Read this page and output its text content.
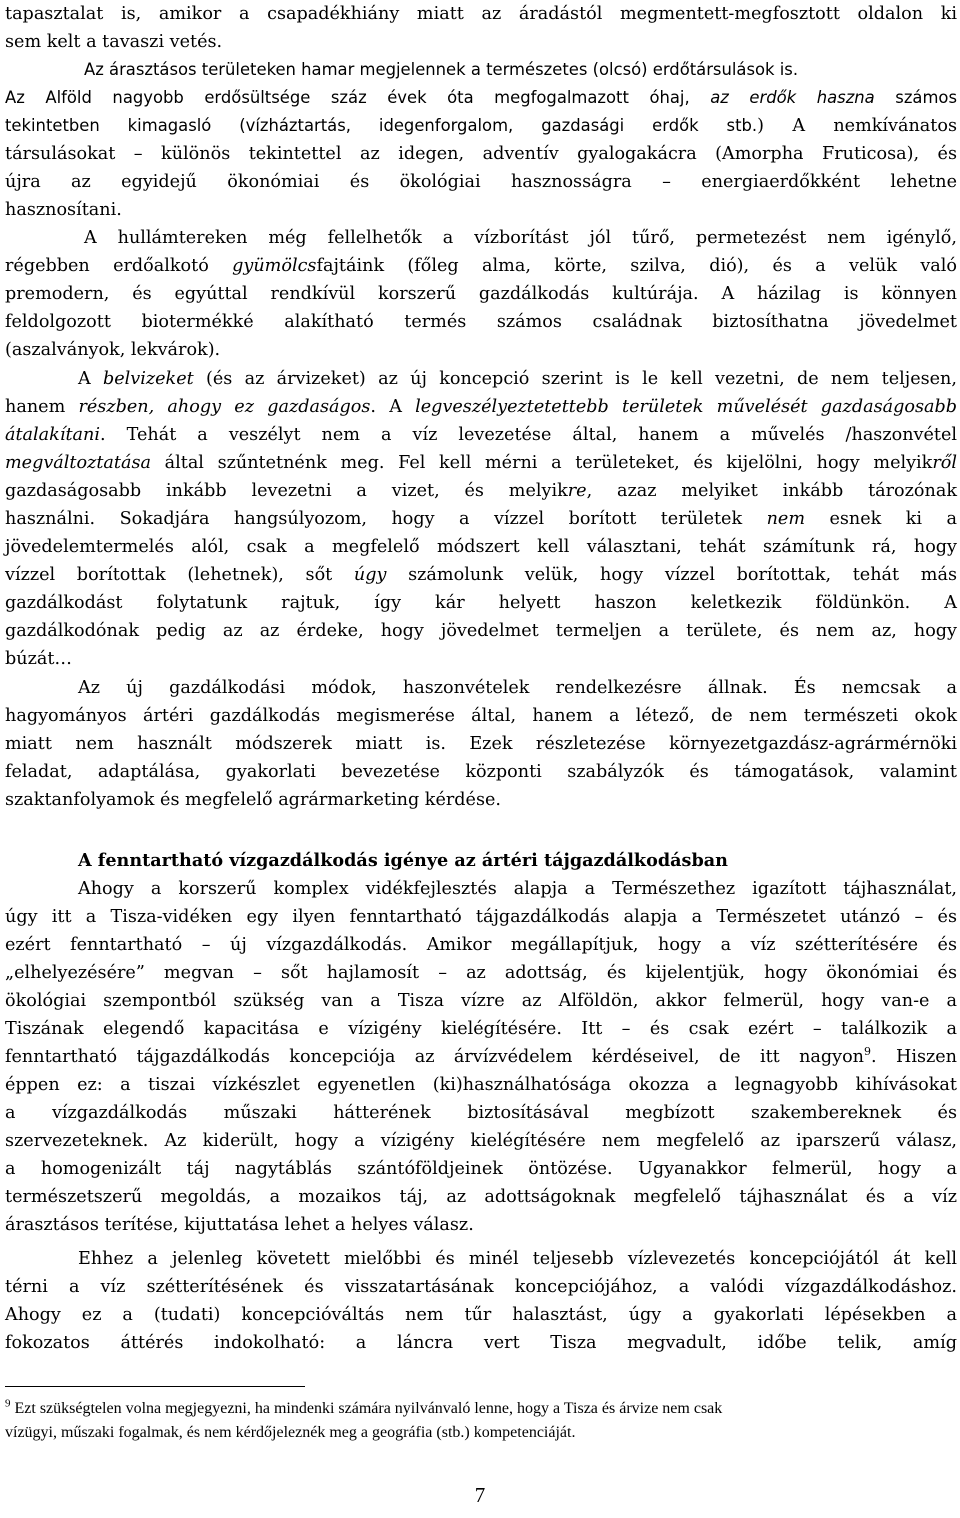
tapasztalat is, amikor a csapadékhiány miatt az áradástól megmentett-megfosztott oldalon ki
sem kelt a tavaszi vetés.
Az árasztásos területeken hamar megjelennek a természetes (olcsó) erdőtársulások is.
Az Alföld nagyobb erdősültsége száz évek óta megfogalmazott óhaj, az erdők haszna számos
tekintetben kimagasló (vízháztartás, idegenforgalom, gazdasági erdők stb.) A nemkívánatos
társulásokat – különös tekintettel az idegen, adventív gyalogakácra (Amorpha Fruticosa), és
újra az egyidejű ökonómiai és ökológiai hasznosságra – energiaerdőkként lehetne
hasznosítani.
A hullámtereken még fellelhetők a vízborítást jól tűrő, permetezést nem igénylő,
régebben erdőalkotó gyümölcsfajtáink (főleg alma, körte, szilva, dió), és a velük való
premodern, és egyúttal rendkívül korszerű gazdálkodás kultúrája. A házilag is könnyen
feldolgozott biotermékké alakítható termés számos családnak biztosíthatna jövedelmet
(aszalványok, lekvárok).
A belvizeket (és az árvizeket) az új koncepció szerint is le kell vezetni, de nem teljesen,
hanem részben, ahogy ez gazdaságos. A legveszélyeztetettebb területek művelését gazdaságosabb
átalakítani. Tehát a veszélyt nem a víz levezetése által, hanem a művelés /haszonvétel
megváltoztatása által szűntetnénk meg. Fel kell mérni a területeket, és kijelölni, hogy melyikről
gazdaságosabb inkább levezetni a vizet, és melyikre, azaz melyiket inkább tározónak
használni. Sokadjára hangsúlyozom, hogy a vízzel borított területek nem esnek ki a
jövedelemtermelés alól, csak a megfelelő módszert kell választani, tehát számítunk rá, hogy
vízzel borítottak (lehetnek), sőt úgy számolunk velük, hogy vízzel borítottak, tehát más
gazdálkodást folytatunk rajtuk, így kár helyett haszon keletkezik földünkön. A
gazdálkodónak pedig az az érdeke, hogy jövedelmet termeljen a területe, és nem az, hogy
búzát…
Az új gazdálkodási módok, haszonvételek rendelkezésre állnak. És nemcsak a
hagyományos ártéri gazdálkodás megismerése által, hanem a létező, de nem természeti okok
miatt nem használt módszerek miatt is. Ezek részletezése környezetgazdász-agrármérnöki
feladat, adaptálása, gyakorlati bevezetése központi szabályzók és támogatások, valamint
szaktanfolyamok és megfelelő agrármarketing kérdése.
A fenntartható vízgazdálkodás igénye az ártéri tájgazdálkodásban
Ahogy a korszerű komplex vidékfejlesztés alapja a Természethez igazított tájhasználat,
úgy itt a Tisza-vidéken egy ilyen fenntartható tájgazdálkodás alapja a Természetet utánzó – és
ezért fenntartható – új vízgazdálkodás. Amikor megállapítjuk, hogy a víz szétterítésére és
„elhelyezésére” megvan – sőt hajlamosít – az adottság, és kijelentjük, hogy ökonómiai és
ökológiai szempontból szükség van a Tisza vízre az Alföldön, akkor felmerül, hogy van-e a
Tiszának elegendő kapacitása e vízigény kielégítésére. Itt – és csak ezért – találkozik a
fenntartható tájgazdálkodás koncepciója az árvízvédelem kérdéseivel, de itt nagyon$^9$. Hiszen
éppen ez: a tiszai vízkészlet egyenetlen (ki)használhatósága okozza a legnagyobb kihívásokat
a vízgazdálkodás műszaki hátterének biztosításával megbízott szakembereknek és
szervezeteknek. Az kiderült, hogy a vízigény kielégítésére nem megfelelő az iparszerű válasz,
a homogenizált táj nagytáblás szántóföldjeinek öntözése. Ugyanakkor felmerül, hogy a
természetszerű megoldás, a mozaikos táj, az adottságoknak megfelelő tájhasználat és a víz
árasztásos terítése, kijuttatása lehet a helyes válasz.
Ehhez a jelenleg követett mielőbbi és minél teljesebb vízlevezetés koncepciójától át kell
térni a víz szétterítésének és visszatartásának koncepciójához, a valódi vízgazdálkodáshoz.
Ahogy ez a (tudati) koncepcióváltás nem tűr halasztást, úgy a gyakorlati lépésekben a
fokozatos áttérés indokolható: a láncra vert Tisza megvadult, időbe telik, amíg
$^9$ Ezt szükségtelen volna megjegyezni, ha mindenki számára nyilvánvaló lenne, hogy a Tisza és árvize nem csak
vízügyi, műszaki fogalmak, és nem kérdőjeleznék meg a geográfia (stb.) kompetenciáját.
7
